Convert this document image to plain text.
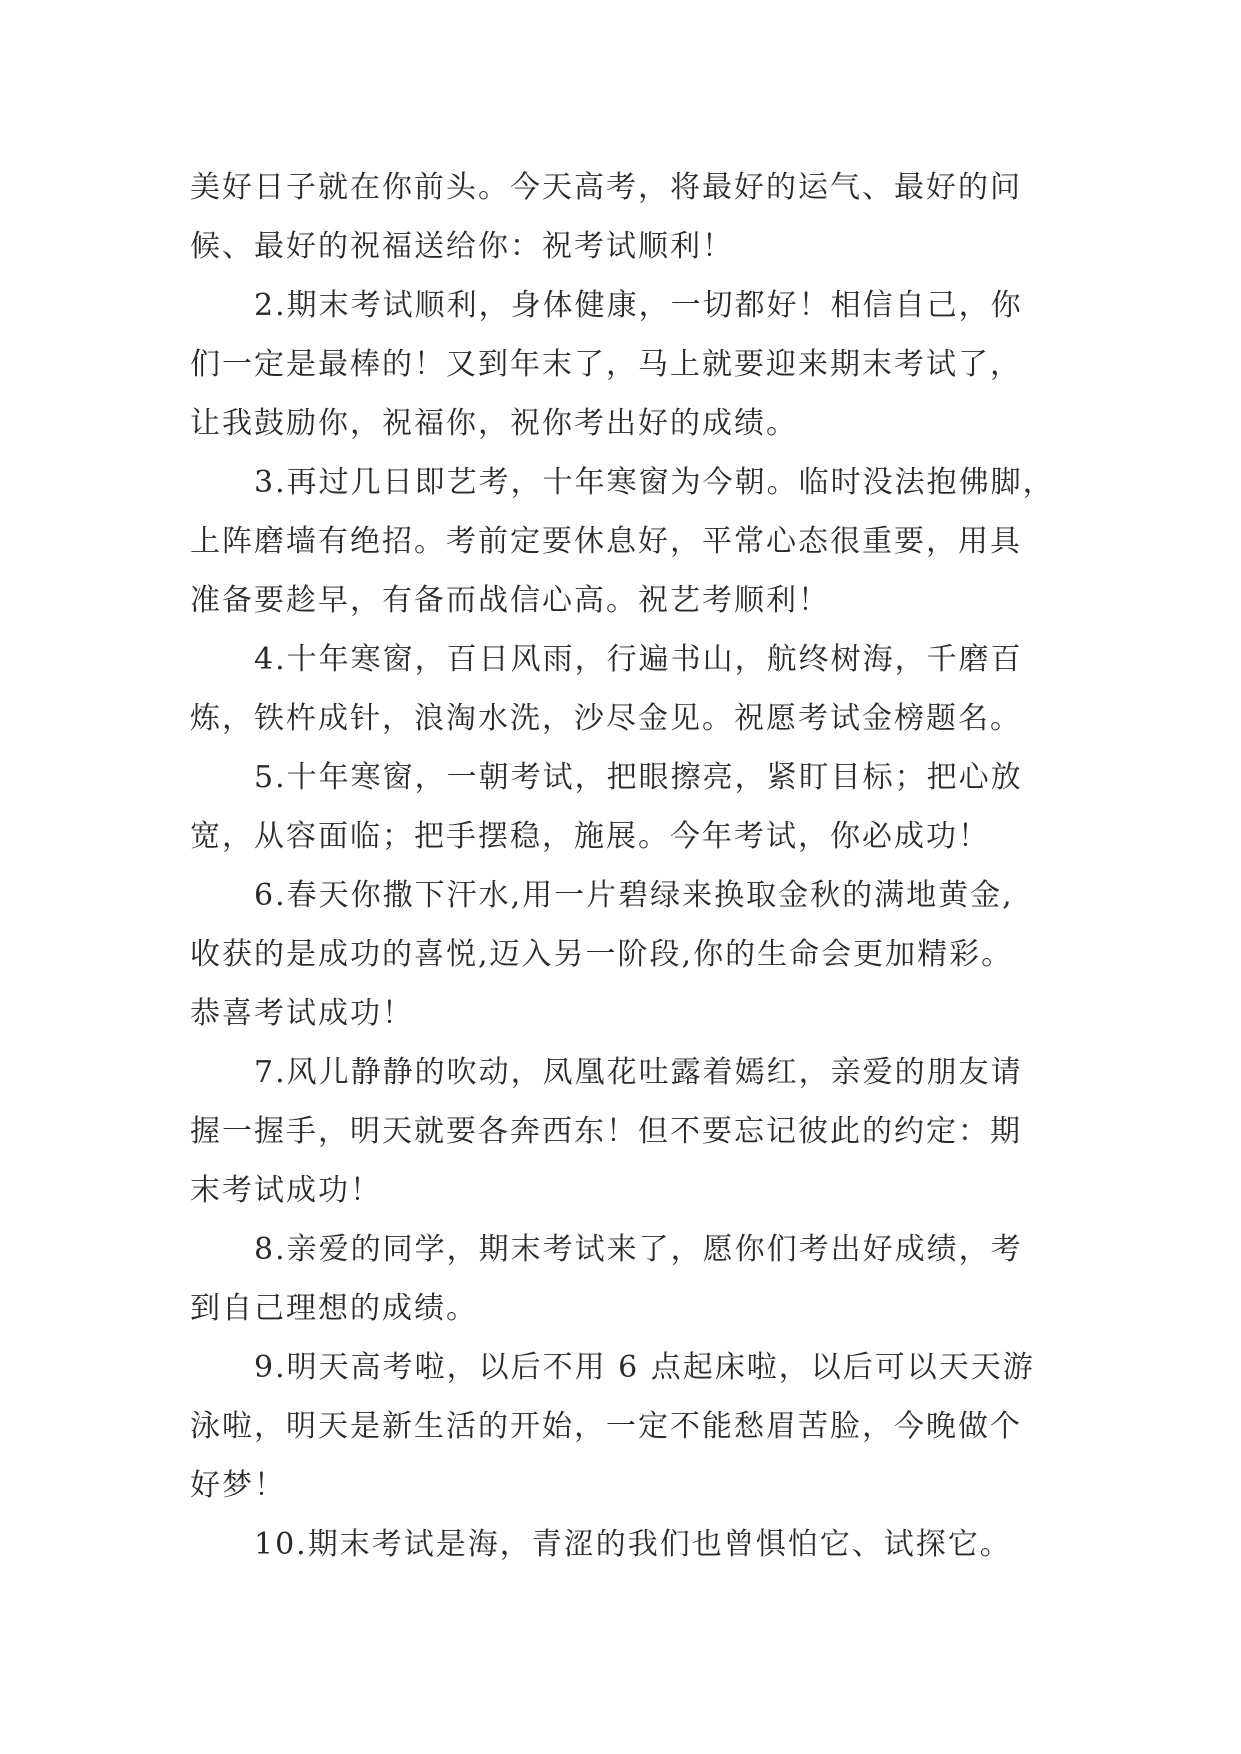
美好日子就在你前头。今天高考，将最好的运气、最好的问
候、最好的祝福送给你：祝考试顺利！
2.期末考试顺利，身体健康，一切都好！相信自己，你
们一定是最棒的！又到年末了，马上就要迎来期末考试了，
让我鼓励你，祝福你，祝你考出好的成绩。
3.再过几日即艺考，十年寒窗为今朝。临时没法抱佛脚，
上阵磨墙有绝招。考前定要休息好，平常心态很重要，用具
准备要趁早，有备而战信心高。祝艺考顺利！
4.十年寒窗，百日风雨，行遍书山，航终树海，千磨百
炼，铁杵成针，浪淘水洗，沙尽金见。祝愿考试金榜题名。
5.十年寒窗，一朝考试，把眼擦亮，紧盯目标；把心放
宽，从容面临；把手摆稳，施展。今年考试，你必成功！
6.春天你撒下汗水,用一片碧绿来换取金秋的满地黄金,
收获的是成功的喜悦,迈入另一阶段,你的生命会更加精彩。
恭喜考试成功！
7.风儿静静的吹动，凤凰花吐露着嫣红，亲爱的朋友请
握一握手，明天就要各奔西东！但不要忘记彼此的约定：期
末考试成功！
8.亲爱的同学，期末考试来了，愿你们考出好成绩，考
到自己理想的成绩。
9.明天高考啦，以后不用 6 点起床啦，以后可以天天游
泳啦，明天是新生活的开始，一定不能愁眉苦脸，今晚做个
好梦！
10.期末考试是海，青涩的我们也曾惧怕它、试探它。
